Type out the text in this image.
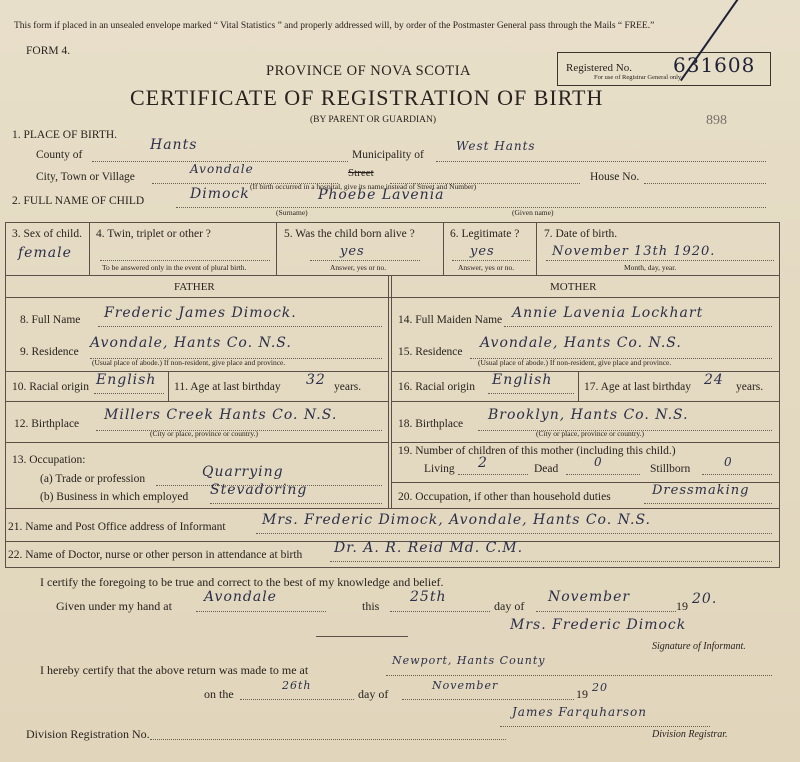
This form if placed in an unsealed envelope marked “ Vital Statistics ” and properly addressed will, by order of the Postmaster General pass through the Mails “ FREE.”
FORM 4.
PROVINCE OF NOVA SCOTIA
CERTIFICATE OF REGISTRATION OF BIRTH
(BY PARENT OR GUARDIAN)
Registered No.
For use of Registrar General only.
631608
898
1. PLACE OF BIRTH.
County of
Hants
Municipality of
West Hants
City, Town or Village
Avondale	Street	House No.
(If birth occurred in a hospital, give its name instead of Street and Number)
2. FULL NAME OF CHILD	Dimock	Phoebe Lavenia
(Surname)	(Given name)
3. Sex of child.
female
4. Twin, triplet or other ?
To be answered only in the event of plural birth.
5. Was the child born alive ?
yes
Answer, yes or no.
6. Legitimate ?
yes
Answer, yes or no.
7. Date of birth.
November 13th 1920.
Month, day, year.
FATHER	MOTHER
8. Full Name Frederic James Dimock.
9. Residence
Avondale, Hants Co. N.S.
(Usual place of abode.) If non-resident, give place and province.
10. Racial origin English 11. Age at last birthday 32 years.
12. Birthplace
Millers Creek Hants Co. N.S.
(City or place, province or country.)
13. Occupation:
(a) Trade or profession	Quarrying
(b) Business in which employed Stevadoring
14. Full Maiden Name Annie Lavenia Lockhart
15. Residence
Avondale, Hants Co. N.S.
(Usual place of abode.) If non-resident, give place and province.
16. Racial origin English	17. Age at last birthday 24 years.
18. Birthplace
Brooklyn, Hants Co. N.S.
(City or place, province or country.)
19. Number of children of this mother (including this child.)
Living 2	Dead	0	Stillborn	0
20. Occupation, if other than household duties	Dressmaking
21. Name and Post Office address of Informant	Mrs. Frederic Dimock, Avondale, Hants Co. N.S.
22. Name of Doctor, nurse or other person in attendance at birth Dr. A. R. Reid Md. C.M.
I certify the foregoing to be true and correct to the best of my knowledge and belief.
Given under my hand at
Avondale
this
25th
day of
November
19 20.
Mrs. Frederic Dimock
Signature of Informant.
I hereby certify that the above return was made to me at
Newport, Hants County
on the
26th
day of
November
19 20
Division Registration No.
James Farquharson
Division Registrar.
